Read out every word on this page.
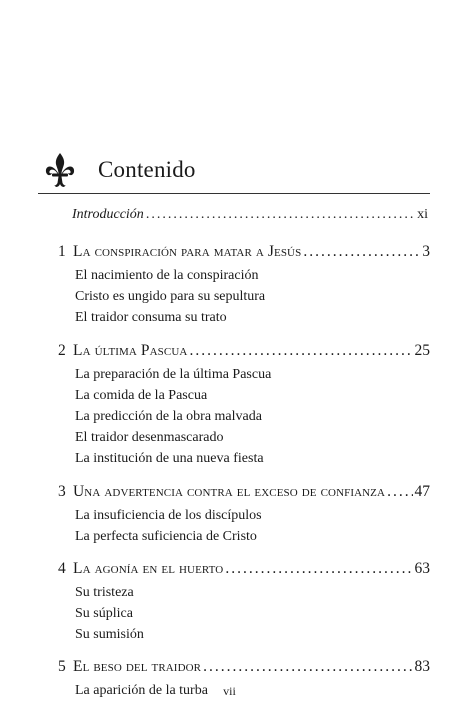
Contenido
Introducción .....	xi
1 La conspiración para matar a Jesús .....	3
El nacimiento de la conspiración
Cristo es ungido para su sepultura
El traidor consuma su trato
2 La última Pascua .....	25
La preparación de la última Pascua
La comida de la Pascua
La predicción de la obra malvada
El traidor desenmascarado
La institución de una nueva fiesta
3 Una advertencia contra el exceso de confianza ..... 47
La insuficiencia de los discípulos
La perfecta suficiencia de Cristo
4 La agonía en el huerto .....	63
Su tristeza
Su súplica
Su sumisión
5 El beso del traidor .....	83
La aparición de la turba	vii
